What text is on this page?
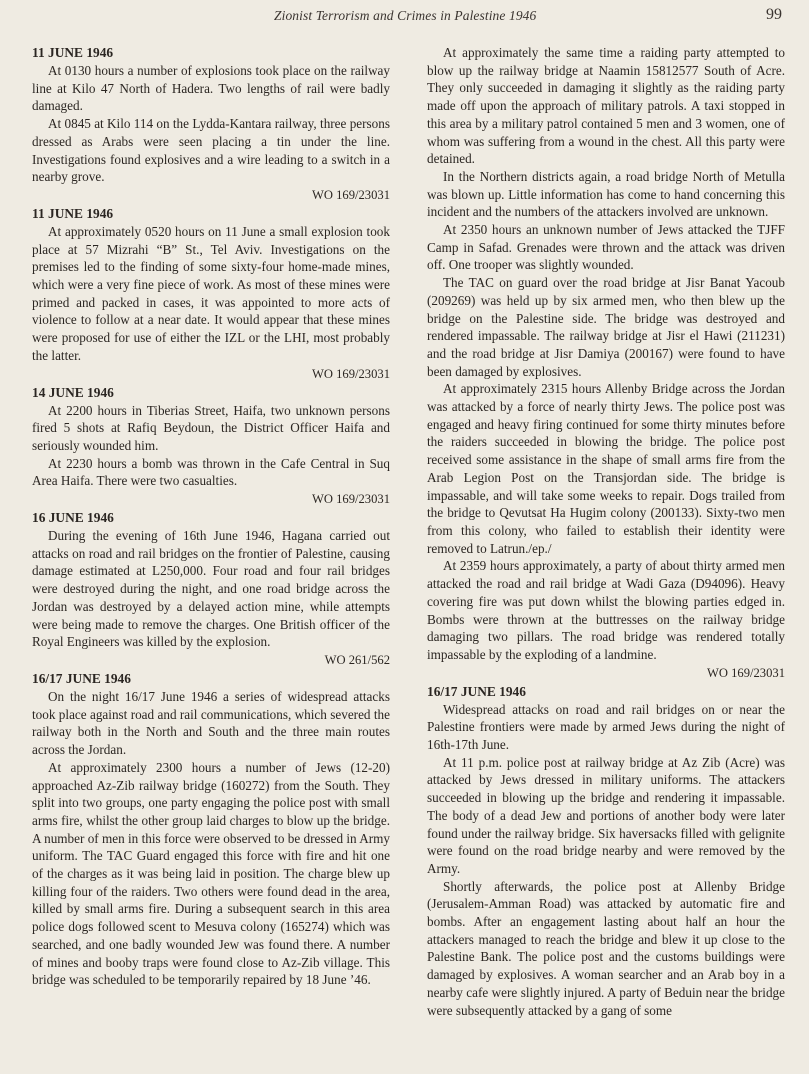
Zionist Terrorism and Crimes in Palestine 1946	99
11 JUNE 1946

At 0130 hours a number of explosions took place on the railway line at Kilo 47 North of Hadera. Two lengths of rail were badly damaged.

At 0845 at Kilo 114 on the Lydda-Kantara railway, three persons dressed as Arabs were seen placing a tin under the line. Investigations found explosives and a wire leading to a switch in a nearby grove.

WO 169/23031
11 JUNE 1946

At approximately 0520 hours on 11 June a small explosion took place at 57 Mizrahi “B” St., Tel Aviv. Investigations on the premises led to the finding of some sixty-four home-made mines, which were a very fine piece of work. As most of these mines were primed and packed in cases, it was appointed to more acts of violence to follow at a near date. It would appear that these mines were proposed for use of either the IZL or the LHI, most probably the latter.

WO 169/23031
14 JUNE 1946

At 2200 hours in Tiberias Street, Haifa, two unknown persons fired 5 shots at Rafiq Beydoun, the District Officer Haifa and seriously wounded him.

At 2230 hours a bomb was thrown in the Cafe Central in Suq Area Haifa. There were two casualties.

WO 169/23031
16 JUNE 1946

During the evening of 16th June 1946, Hagana carried out attacks on road and rail bridges on the frontier of Palestine, causing damage estimated at L250,000. Four road and four rail bridges were destroyed during the night, and one road bridge across the Jordan was destroyed by a delayed action mine, while attempts were being made to remove the charges. One British officer of the Royal Engineers was killed by the explosion.

WO 261/562
16/17 JUNE 1946

On the night 16/17 June 1946 a series of widespread attacks took place against road and rail communications, which severed the railway both in the North and South and the three main routes across the Jordan.

At approximately 2300 hours a number of Jews (12-20) approached Az-Zib railway bridge (160272) from the South. They split into two groups, one party engaging the police post with small arms fire, whilst the other group laid charges to blow up the bridge. A number of men in this force were observed to be dressed in Army uniform. The TAC Guard engaged this force with fire and hit one of the charges as it was being laid in position. The charge blew up killing four of the raiders. Two others were found dead in the area, killed by small arms fire. During a subsequent search in this area police dogs followed scent to Mesuva colony (165274) which was searched, and one badly wounded Jew was found there. A number of mines and booby traps were found close to Az-Zib village. This bridge was scheduled to be temporarily repaired by 18 June ’46.

At approximately the same time a raiding party attempted to blow up the railway bridge at Naamin 15812577 South of Acre. They only succeeded in damaging it slightly as the raiding party made off upon the approach of military patrols. A taxi stopped in this area by a military patrol contained 5 men and 3 women, one of whom was suffering from a wound in the chest. All this party were detained.

In the Northern districts again, a road bridge North of Metulla was blown up. Little information has come to hand concerning this incident and the numbers of the attackers involved are unknown.

At 2350 hours an unknown number of Jews attacked the TJFF Camp in Safad. Grenades were thrown and the attack was driven off. One trooper was slightly wounded.

The TAC on guard over the road bridge at Jisr Banat Yacoub (209269) was held up by six armed men, who then blew up the bridge on the Palestine side. The bridge was destroyed and rendered impassable. The railway bridge at Jisr el Hawi (211231) and the road bridge at Jisr Damiya (200167) were found to have been damaged by explosives.

At approximately 2315 hours Allenby Bridge across the Jordan was attacked by a force of nearly thirty Jews. The police post was engaged and heavy firing continued for some thirty minutes before the raiders succeeded in blowing the bridge. The police post received some assistance in the shape of small arms fire from the Arab Legion Post on the Transjordan side. The bridge is impassable, and will take some weeks to repair. Dogs trailed from the bridge to Qevutsat Ha Hugim colony (200133). Sixty-two men from this colony, who failed to establish their identity were removed to Latrun./ep./

At 2359 hours approximately, a party of about thirty armed men attacked the road and rail bridge at Wadi Gaza (D94096). Heavy covering fire was put down whilst the blowing parties edged in. Bombs were thrown at the buttresses on the railway bridge damaging two pillars. The road bridge was rendered totally impassable by the exploding of a landmine.

WO 169/23031
16/17 JUNE 1946

Widespread attacks on road and rail bridges on or near the Palestine frontiers were made by armed Jews during the night of 16th-17th June.

At 11 p.m. police post at railway bridge at Az Zib (Acre) was attacked by Jews dressed in military uniforms. The attackers succeeded in blowing up the bridge and rendering it impassable. The body of a dead Jew and portions of another body were later found under the railway bridge. Six haversacks filled with gelignite were found on the road bridge nearby and were removed by the Army.

Shortly afterwards, the police post at Allenby Bridge (Jerusalem-Amman Road) was attacked by automatic fire and bombs. After an engagement lasting about half an hour the attackers managed to reach the bridge and blew it up close to the Palestine Bank. The police post and the customs buildings were damaged by explosives. A woman searcher and an Arab boy in a nearby cafe were slightly injured. A party of Beduin near the bridge were subsequently attacked by a gang of some
